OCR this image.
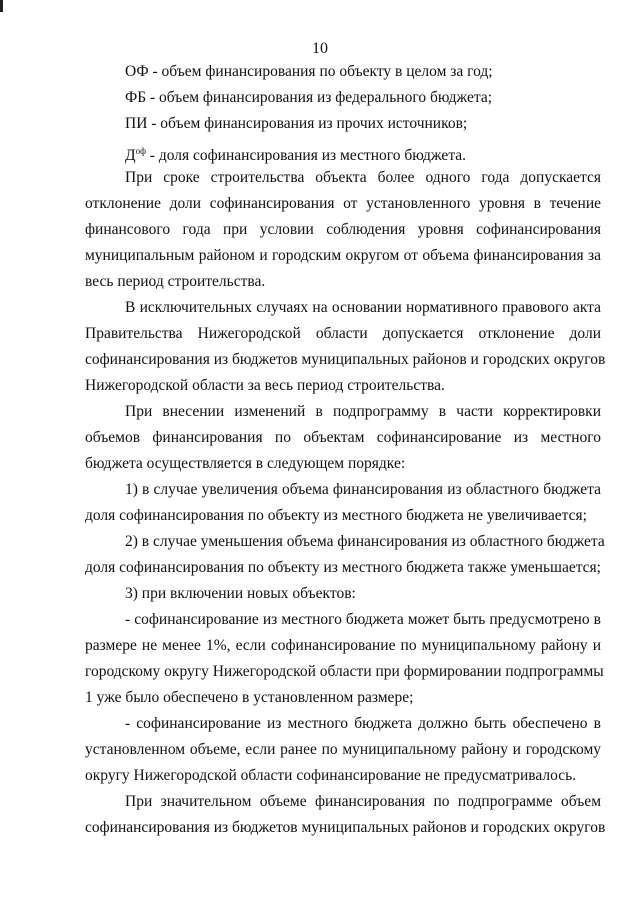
10
ОФ - объем финансирования по объекту в целом за год;
ФБ - объем финансирования из федерального бюджета;
ПИ - объем финансирования из прочих источников;
$Д^{оф}$ - доля софинансирования из местного бюджета.
При сроке строительства объекта более одного года допускается
отклонение доли софинансирования от установленного уровня в течение
финансового года при условии соблюдения уровня софинансирования
муниципальным районом и городским округом от объема финансирования за
весь период строительства.
В исключительных случаях на основании нормативного правового акта
Правительства Нижегородской области допускается отклонение доли
софинансирования из бюджетов муниципальных районов и городских округов
Нижегородской области за весь период строительства.
При внесении изменений в подпрограмму в части корректировки
объемов финансирования по объектам софинансирование из местного
бюджета осуществляется в следующем порядке:
1) в случае увеличения объема финансирования из областного бюджета
доля софинансирования по объекту из местного бюджета не увеличивается;
2) в случае уменьшения объема финансирования из областного бюджета
доля софинансирования по объекту из местного бюджета также уменьшается;
3) при включении новых объектов:
- софинансирование из местного бюджета может быть предусмотрено в
размере не менее 1%, если софинансирование по муниципальному району и
городскому округу Нижегородской области при формировании подпрограммы
1 уже было обеспечено в установленном размере;
- софинансирование из местного бюджета должно быть обеспечено в
установленном объеме, если ранее по муниципальному району и городскому
округу Нижегородской области софинансирование не предусматривалось.
При значительном объеме финансирования по подпрограмме объем
софинансирования из бюджетов муниципальных районов и городских округов
